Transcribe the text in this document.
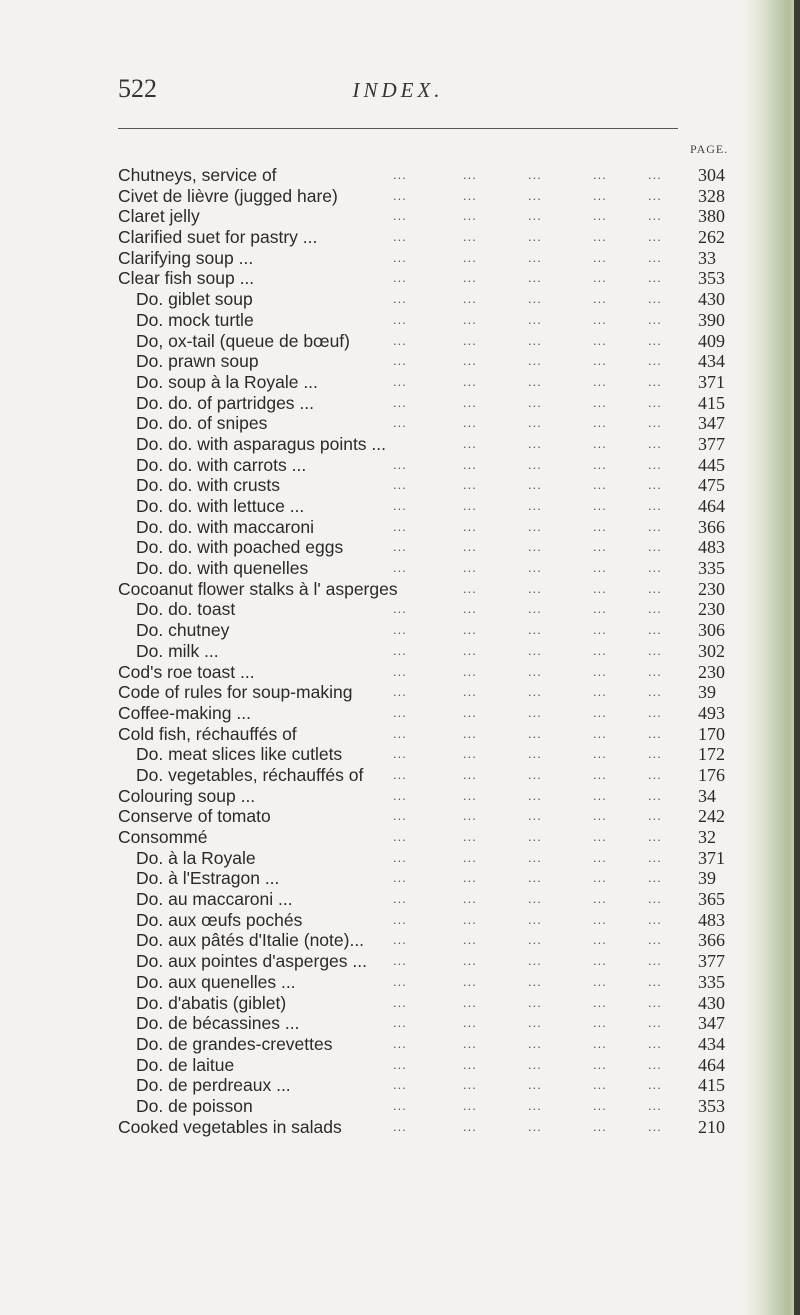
522	INDEX.
PAGE.
Chutneys, service of	...	...	...	...	... 304
Civet de lièvre (jugged hare)	...	...	...	...	... 328
Claret jelly	...	...	...	...	... 380
Clarified suet for pastry ...	...	...	...	...	... 262
Clarifying soup ...	...	...	...	...	... 33
Clear fish soup ...	...	...	...	...	... 353
Do. giblet soup	...	...	...	...	... 430
Do. mock turtle	...	...	...	...	... 390
Do, ox-tail (queue de bœuf)	...	...	...	...	... 409
Do. prawn soup	...	...	...	...	... 434
Do. soup à la Royale ...	...	...	...	...	... 371
Do. do. of partridges ...	...	...	...	...	... 415
Do. do. of snipes	...	...	...	...	... 347
Do. do. with asparagus points ...	...	...	...	... 377
Do. do. with carrots ...	...	...	...	...	... 445
Do. do. with crusts	...	...	...	...	... 475
Do. do. with lettuce ...	...	...	...	...	... 464
Do. do. with maccaroni	...	...	...	...	... 366
Do. do. with poached eggs	...	...	...	...	... 483
Do. do. with quenelles	...	...	...	...	... 335
Cocoanut flower stalks à l' asperges	...	...	...	... 230
Do. do. toast	...	...	...	...	... 230
Do. chutney	...	...	...	...	... 306
Do. milk ...	...	...	...	...	... 302
Cod's roe toast ...	...	...	...	...	... 230
Code of rules for soup-making	...	...	...	...	... 39
Coffee-making ...	...	...	...	...	... 493
Cold fish, réchauffés of	...	...	...	...	... 170
Do. meat slices like cutlets	...	...	...	...	... 172
Do. vegetables, réchauffés of ...	...	...	...	... 176
Colouring soup ...	...	...	...	...	... 34
Conserve of tomato	...	...	...	...	... 242
Consommé	...	...	...	...	... 32
Do. à la Royale	...	...	...	...	... 371
Do. à l'Estragon ...	...	...	...	...	... 39
Do. au maccaroni ...	...	...	...	...	... 365
Do. aux œufs pochés	...	...	...	...	... 483
Do. aux pâtés d'Italie (note)... ...	...	...	...	... 366
Do. aux pointes d'asperges ... ...	...	...	...	... 377
Do. aux quenelles ...	...	...	...	...	... 335
Do. d'abatis (giblet)	...	...	...	...	... 430
Do. de bécassines ...	...	...	...	...	... 347
Do. de grandes-crevettes	...	...	...	...	... 434
Do. de laitue	...	...	...	...	... 464
Do. de perdreaux ...	...	...	...	...	... 415
Do. de poisson	...	...	...	...	... 353
Cooked vegetables in salads	...	...	...	...	... 210
